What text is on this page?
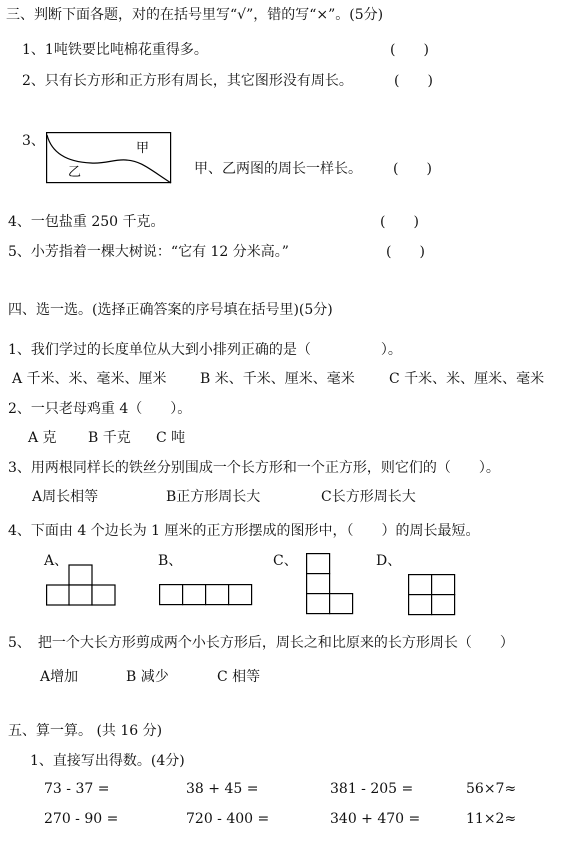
三、判断下面各题，对的在括号里写“√”，错的写“×”。(5分)
1、1吨铁要比吨棉花重得多。	(　　)
2、只有长方形和正方形有周长，其它图形没有周长。	(　　)
3、	甲
乙	甲、乙两图的周长一样长。 (　　)
4、一包盐重 250 千克。	(　　)
5、小芳指着一棵大树说：“它有 12 分米高。”	(　　)
四、选一选。(选择正确答案的序号填在括号里)(5分)
1、我们学过的长度单位从大到小排列正确的是（　　　　　）。
A 千米、米、毫米、厘米 B 米、千米、厘米、毫米 C 千米、米、厘米、毫米
2、一只老母鸡重 4（　　）。
A 克 B 千克 C 吨
3、用两根同样长的铁丝分别围成一个长方形和一个正方形，则它们的（　　）。
A周长相等	B正方形周长大	C长方形周长大
4、下面由 4 个边长为 1 厘米的正方形摆成的图形中，（　　）的周长最短。
A、	B、	C、	D、
5、　把一个大长方形剪成两个小长方形后，周长之和比原来的长方形周长（　　）
A增加	B 减少	C 相等
五、算一算。 (共 16 分)
1、直接写出得数。(4分)
73 - 37 =	38 + 45 =	381 - 205 =	56×7≈
270 - 90 =	720 - 400 =	340 + 470 =	11×2≈
